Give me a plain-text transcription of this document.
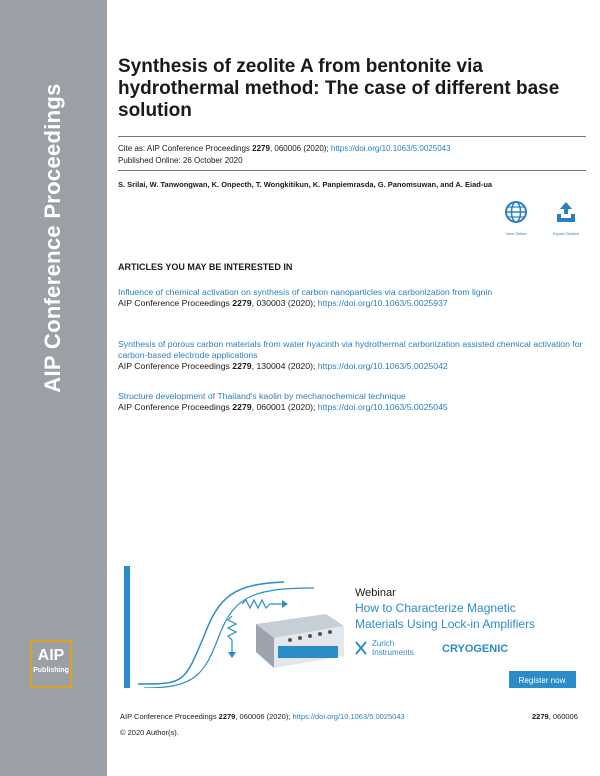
AIP Conference Proceedings
AIP
Publishing
Synthesis of zeolite A from bentonite via hydrothermal method: The case of different base solution
Cite as: AIP Conference Proceedings 2279, 060006 (2020); https://doi.org/10.1063/5.0025043
Published Online: 26 October 2020
S. Srilai, W. Tanwongwan, K. Onpecth, T. Wongkitikun, K. Panpiemrasda, G. Panomsuwan, and A. Eiad-ua
View Online	Export Citation
ARTICLES YOU MAY BE INTERESTED IN
Influence of chemical activation on synthesis of carbon nanoparticles via carbonization from lignin
AIP Conference Proceedings 2279, 030003 (2020); https://doi.org/10.1063/5.0025937
Synthesis of porous carbon materials from water hyacinth via hydrothermal carbonization assisted chemical activation for carbon-based electrode applications
AIP Conference Proceedings 2279, 130004 (2020); https://doi.org/10.1063/5.0025042
Structure development of Thailand's kaolin by mechanochemical technique
AIP Conference Proceedings 2279, 060001 (2020); https://doi.org/10.1063/5.0025045
Webinar
How to Characterize Magnetic
Materials Using Lock-in Amplifiers
Zurich
Instruments	CRYOGENIC
Register now
AIP Conference Proceedings 2279, 060006 (2020); https://doi.org/10.1063/5.0025043	2279, 060006
© 2020 Author(s).
